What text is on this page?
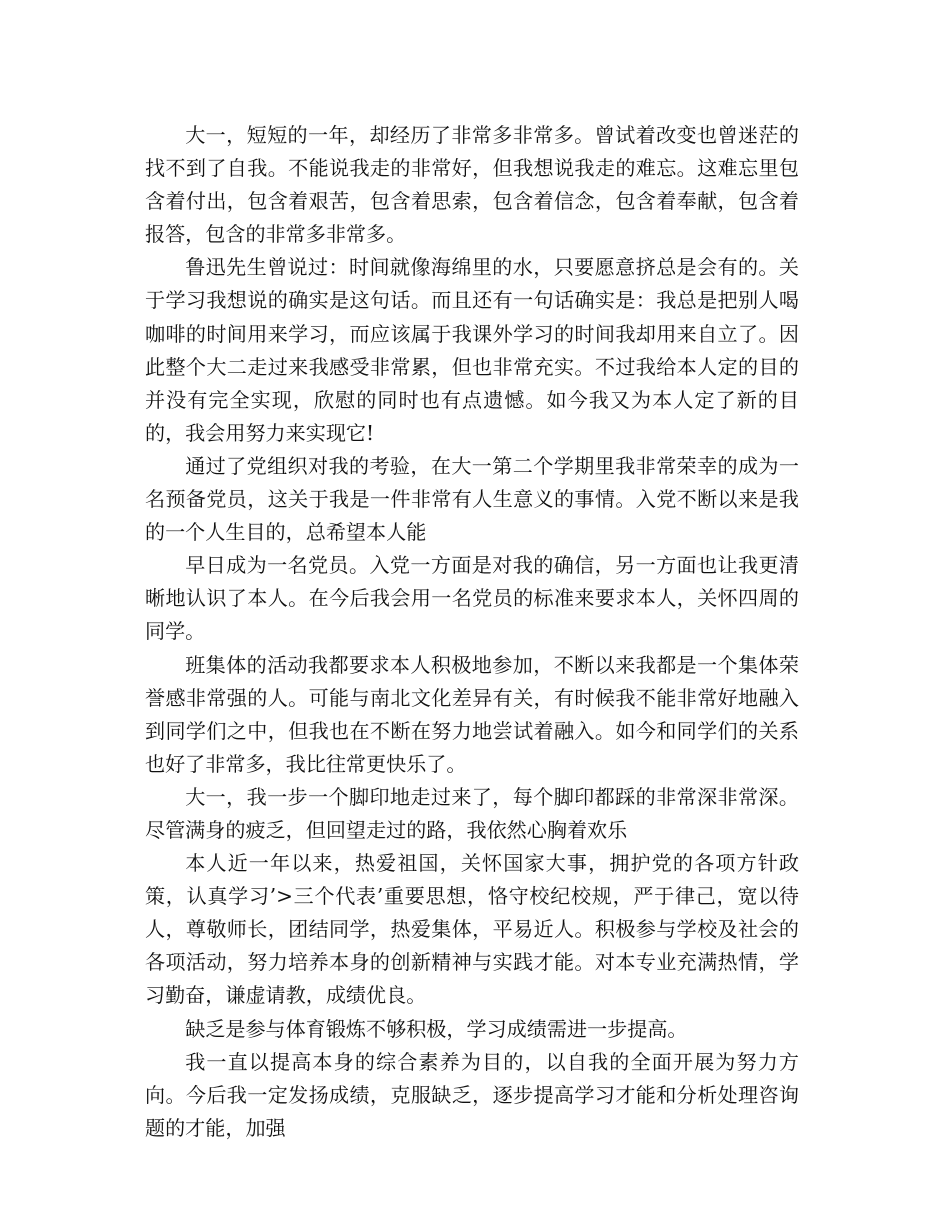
大一，短短的一年，却经历了非常多非常多。曾试着改变也曾迷茫的找不到了自我。不能说我走的非常好，但我想说我走的难忘。这难忘里包含着付出，包含着艰苦，包含着思索，包含着信念，包含着奉献，包含着报答，包含的非常多非常多。

鲁迅先生曾说过：时间就像海绵里的水，只要愿意挤总是会有的。关于学习我想说的确实是这句话。而且还有一句话确实是：我总是把别人喝咖啡的时间用来学习，而应该属于我课外学习的时间我却用来自立了。因此整个大二走过来我感受非常累，但也非常充实。不过我给本人定的目的并没有完全实现，欣慰的同时也有点遗憾。如今我又为本人定了新的目的，我会用努力来实现它!

通过了党组织对我的考验，在大一第二个学期里我非常荣幸的成为一名预备党员，这关于我是一件非常有人生意义的事情。入党不断以来是我的一个人生目的，总希望本人能

早日成为一名党员。入党一方面是对我的确信，另一方面也让我更清晰地认识了本人。在今后我会用一名党员的标准来要求本人，关怀四周的同学。

班集体的活动我都要求本人积极地参加，不断以来我都是一个集体荣誉感非常强的人。可能与南北文化差异有关，有时候我不能非常好地融入到同学们之中，但我也在不断在努力地尝试着融入。如今和同学们的关系也好了非常多，我比往常更快乐了。

大一，我一步一个脚印地走过来了，每个脚印都踩的非常深非常深。尽管满身的疲乏，但回望走过的路，我依然心胸着欢乐

本人近一年以来，热爱祖国，关怀国家大事，拥护党的各项方针政策，认真学习’>三个代表’重要思想，恪守校纪校规，严于律己，宽以待人，尊敬师长，团结同学，热爱集体，平易近人。积极参与学校及社会的各项活动，努力培养本身的创新精神与实践才能。对本专业充满热情，学习勤奋，谦虚请教，成绩优良。

缺乏是参与体育锻炼不够积极，学习成绩需进一步提高。

我一直以提高本身的综合素养为目的，以自我的全面开展为努力方向。今后我一定发扬成绩，克服缺乏，逐步提高学习才能和分析处理咨询题的才能，加强
